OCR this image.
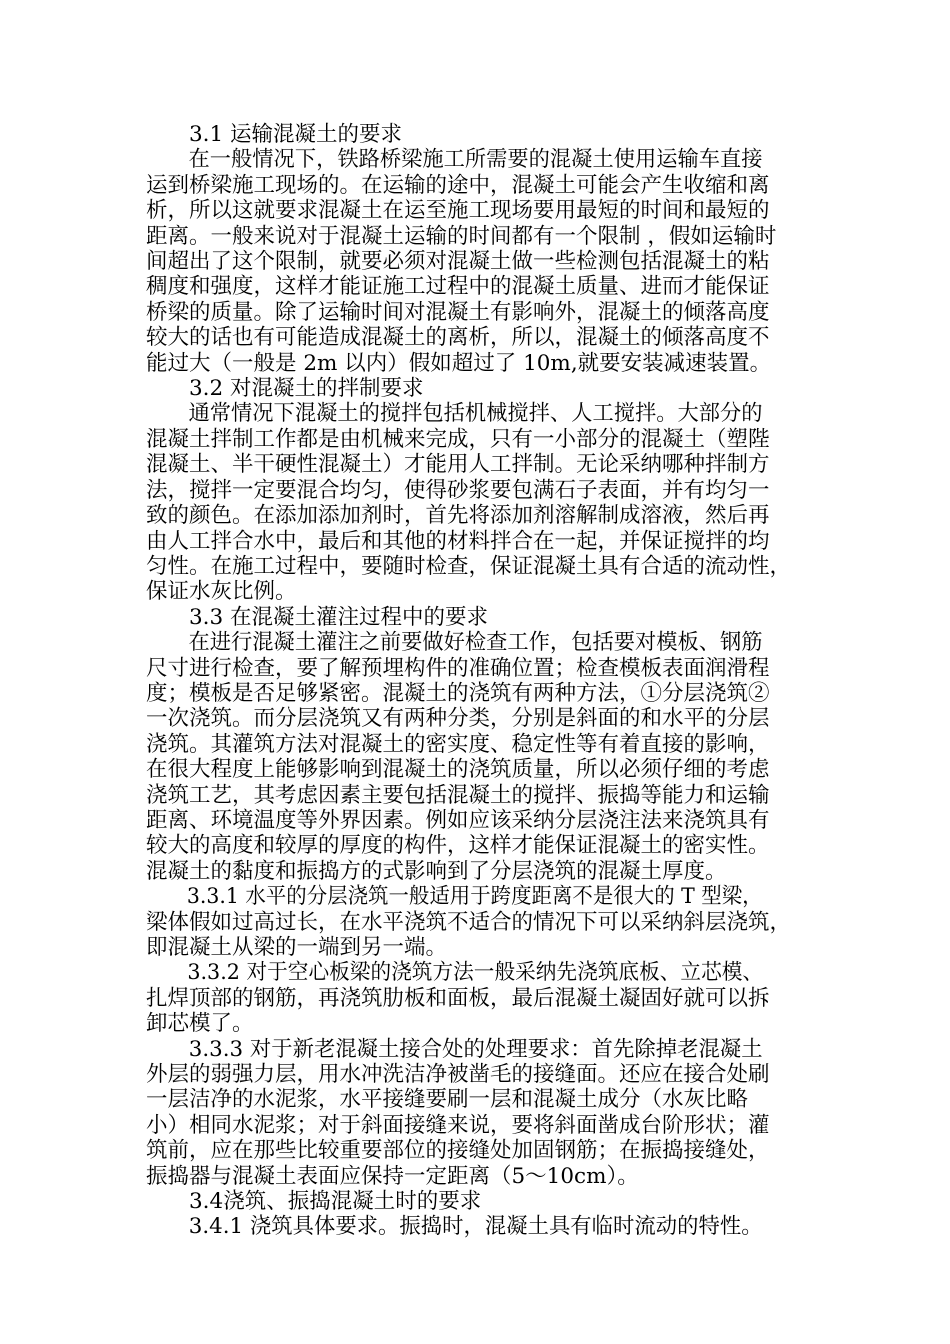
3.1 运输混凝土的要求
在一般情况下，铁路桥梁施工所需要的混凝土使用运输车直接
运到桥梁施工现场的。在运输的途中，混凝土可能会产生收缩和离
析，所以这就要求混凝土在运至施工现场要用最短的时间和最短的
距离。一般来说对于混凝土运输的时间都有一个限制 ，假如运输时
间超出了这个限制，就要必须对混凝土做一些检测包括混凝土的粘
稠度和强度，这样才能证施工过程中的混凝土质量、进而才能保证
桥梁的质量。除了运输时间对混凝土有影响外，混凝土的倾落高度
较大的话也有可能造成混凝土的离析，所以，混凝土的倾落高度不
能过大（一般是 2m 以内）假如超过了 10m,就要安装减速装置。
3.2 对混凝土的拌制要求
通常情况下混凝土的搅拌包括机械搅拌、人工搅拌。大部分的
混凝土拌制工作都是由机械来完成，只有一小部分的混凝土（塑陛
混凝土、半干硬性混凝土）才能用人工拌制。无论采纳哪种拌制方
法，搅拌一定要混合均匀，使得砂浆要包满石子表面，并有均匀一
致的颜色。在添加添加剂时，首先将添加剂溶解制成溶液，然后再
由人工拌合水中，最后和其他的材料拌合在一起，并保证搅拌的均
匀性。在施工过程中，要随时检查，保证混凝土具有合适的流动性，
保证水灰比例。
3.3 在混凝土灌注过程中的要求
在进行混凝土灌注之前要做好检查工作，包括要对模板、钢筋
尺寸进行检查，要了解预埋构件的准确位置；检查模板表面润滑程
度；模板是否足够紧密。混凝土的浇筑有两种方法，①分层浇筑②
一次浇筑。而分层浇筑又有两种分类，分别是斜面的和水平的分层
浇筑。其灌筑方法对混凝土的密实度、稳定性等有着直接的影响，
在很大程度上能够影响到混凝土的浇筑质量，所以必须仔细的考虑
浇筑工艺，其考虑因素主要包括混凝土的搅拌、振捣等能力和运输
距离、环境温度等外界因素。例如应该采纳分层浇注法来浇筑具有
较大的高度和较厚的厚度的构件，这样才能保证混凝土的密实性。
混凝土的黏度和振捣方的式影响到了分层浇筑的混凝土厚度。
3.3.1 水平的分层浇筑一般适用于跨度距离不是很大的 T 型梁，
梁体假如过高过长，在水平浇筑不适合的情况下可以采纳斜层浇筑，
即混凝土从梁的一端到另一端。
3.3.2 对于空心板梁的浇筑方法一般采纳先浇筑底板、立芯模、
扎焊顶部的钢筋，再浇筑肋板和面板，最后混凝土凝固好就可以拆
卸芯模了。
3.3.3 对于新老混凝土接合处的处理要求：首先除掉老混凝土
外层的弱强力层，用水冲洗洁净被凿毛的接缝面。还应在接合处刷
一层洁净的水泥浆，水平接缝要刷一层和混凝土成分（水灰比略
小）相同水泥浆；对于斜面接缝来说，要将斜面凿成台阶形状；灌
筑前，应在那些比较重要部位的接缝处加固钢筋；在振捣接缝处，
振捣器与混凝土表面应保持一定距离（5～10cm）。
3.4浇筑、振捣混凝土时的要求
3.4.1 浇筑具体要求。振捣时，混凝土具有临时流动的特性。
